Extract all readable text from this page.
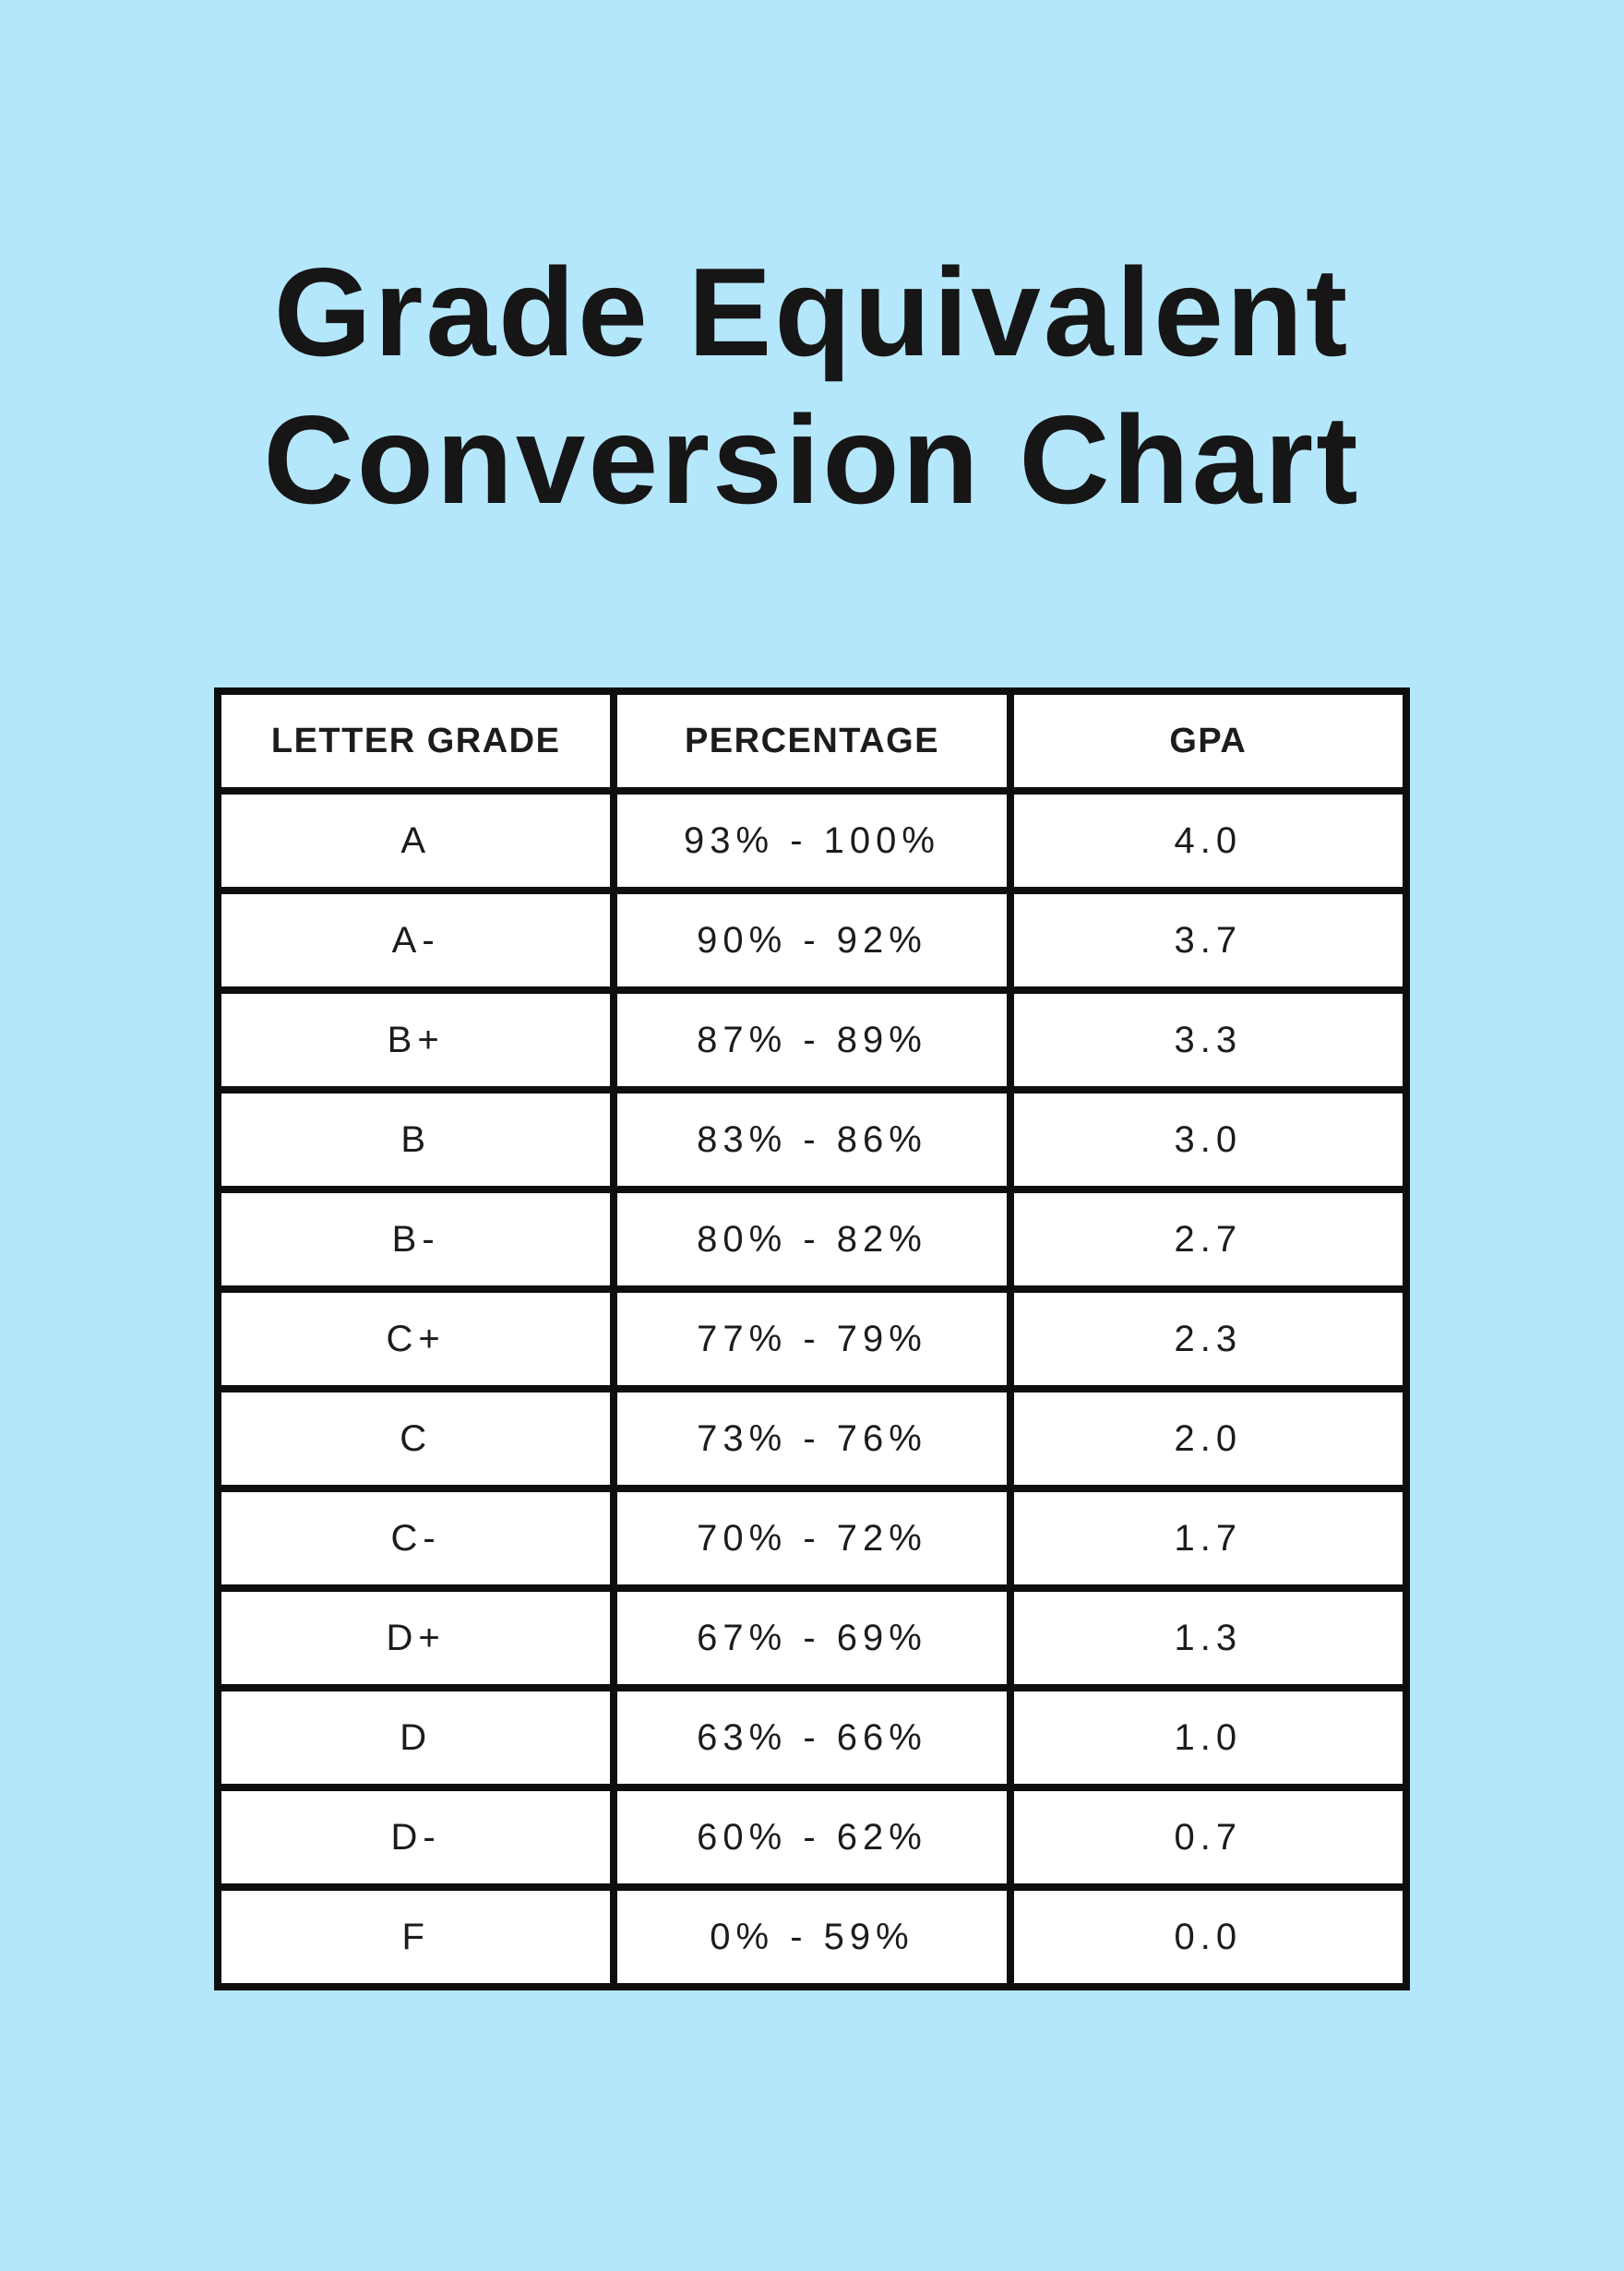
Grade Equivalent
Conversion Chart
LETTER GRADE	PERCENTAGE	GPA
A	93% - 100%	4.0
A-	90% - 92%	3.7
B+	87% - 89%	3.3
B	83% - 86%	3.0
B-	80% - 82%	2.7
C+	77% - 79%	2.3
C	73% - 76%	2.0
C-	70% - 72%	1.7
D+	67% - 69%	1.3
D	63% - 66%	1.0
D-	60% - 62%	0.7
F	0% - 59%	0.0
